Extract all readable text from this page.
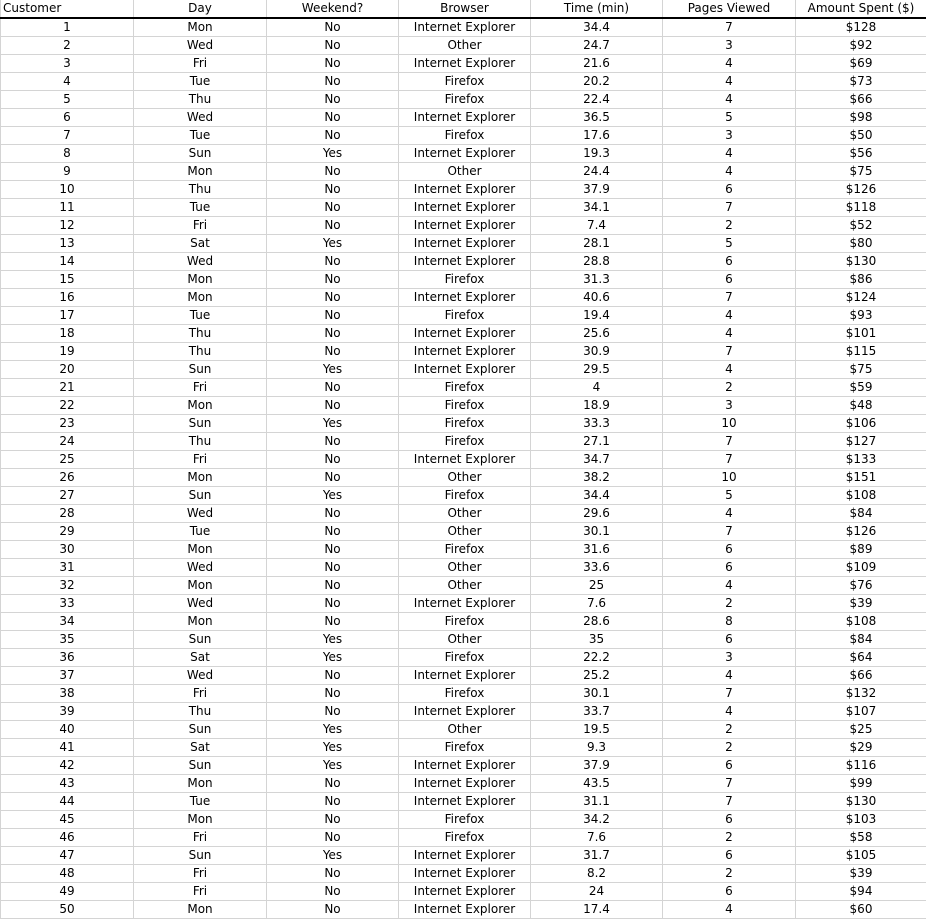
Customer	Day	Weekend?	Browser	Time (min)	Pages Viewed	Amount Spent ($)
1	Mon	No	Internet Explorer	34.4	7	$128
2	Wed	No	Other	24.7	3	$92
3	Fri	No	Internet Explorer	21.6	4	$69
4	Tue	No	Firefox	20.2	4	$73
5	Thu	No	Firefox	22.4	4	$66
6	Wed	No	Internet Explorer	36.5	5	$98
7	Tue	No	Firefox	17.6	3	$50
8	Sun	Yes	Internet Explorer	19.3	4	$56
9	Mon	No	Other	24.4	4	$75
10	Thu	No	Internet Explorer	37.9	6	$126
11	Tue	No	Internet Explorer	34.1	7	$118
12	Fri	No	Internet Explorer	7.4	2	$52
13	Sat	Yes	Internet Explorer	28.1	5	$80
14	Wed	No	Internet Explorer	28.8	6	$130
15	Mon	No	Firefox	31.3	6	$86
16	Mon	No	Internet Explorer	40.6	7	$124
17	Tue	No	Firefox	19.4	4	$93
18	Thu	No	Internet Explorer	25.6	4	$101
19	Thu	No	Internet Explorer	30.9	7	$115
20	Sun	Yes	Internet Explorer	29.5	4	$75
21	Fri	No	Firefox	4	2	$59
22	Mon	No	Firefox	18.9	3	$48
23	Sun	Yes	Firefox	33.3	10	$106
24	Thu	No	Firefox	27.1	7	$127
25	Fri	No	Internet Explorer	34.7	7	$133
26	Mon	No	Other	38.2	10	$151
27	Sun	Yes	Firefox	34.4	5	$108
28	Wed	No	Other	29.6	4	$84
29	Tue	No	Other	30.1	7	$126
30	Mon	No	Firefox	31.6	6	$89
31	Wed	No	Other	33.6	6	$109
32	Mon	No	Other	25	4	$76
33	Wed	No	Internet Explorer	7.6	2	$39
34	Mon	No	Firefox	28.6	8	$108
35	Sun	Yes	Other	35	6	$84
36	Sat	Yes	Firefox	22.2	3	$64
37	Wed	No	Internet Explorer	25.2	4	$66
38	Fri	No	Firefox	30.1	7	$132
39	Thu	No	Internet Explorer	33.7	4	$107
40	Sun	Yes	Other	19.5	2	$25
41	Sat	Yes	Firefox	9.3	2	$29
42	Sun	Yes	Internet Explorer	37.9	6	$116
43	Mon	No	Internet Explorer	43.5	7	$99
44	Tue	No	Internet Explorer	31.1	7	$130
45	Mon	No	Firefox	34.2	6	$103
46	Fri	No	Firefox	7.6	2	$58
47	Sun	Yes	Internet Explorer	31.7	6	$105
48	Fri	No	Internet Explorer	8.2	2	$39
49	Fri	No	Internet Explorer	24	6	$94
50	Mon	No	Internet Explorer	17.4	4	$60
